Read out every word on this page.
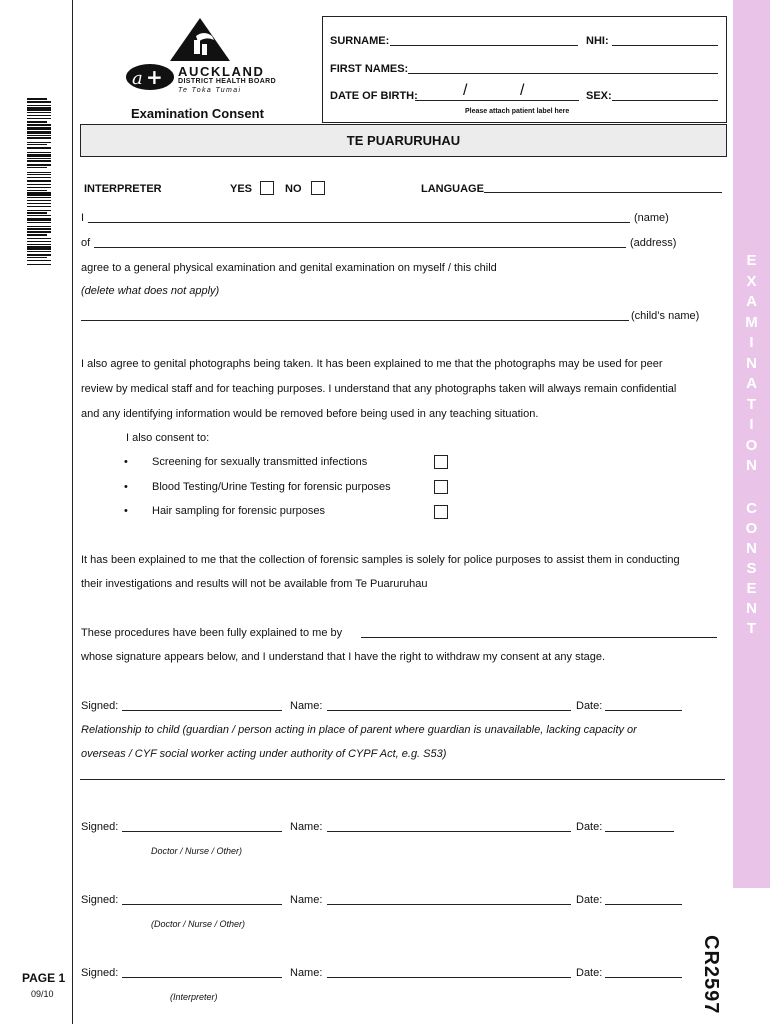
a + AUCKLAND
DISTRICT HEALTH BOARD
Te Toka Tumai
Examination Consent
SURNAME:	NHI:
FIRST NAMES:
DATE OF BIRTH:	/	/	SEX:
Please attach patient label here
TE PUARURUHAU
INTERPRETER	YES	NO	LANGUAGE
I	(name)
of	(address)
agree to a general physical examination and genital examination on myself / this child
(delete what does not apply)
(child’s name)
I also agree to genital photographs being taken. It has been explained to me that the photographs may be used for peer
review by medical staff and for teaching purposes. I understand that any photographs taken will always remain confidential
and any identifying information would be removed before being used in any teaching situation.
I also consent to:
• Screening for sexually transmitted infections
• Blood Testing/Urine Testing for forensic purposes
• Hair sampling for forensic purposes
It has been explained to me that the collection of forensic samples is solely for police purposes to assist them in conducting
their investigations and results will not be available from Te Puaruruhau
These procedures have been fully explained to me by
whose signature appears below, and I understand that I have the right to withdraw my consent at any stage.
Signed:	Name:	Date:
Relationship to child (guardian / person acting in place of parent where guardian is unavailable, lacking capacity or
overseas / CYF social worker acting under authority of CYPF Act, e.g. S53)
Signed:	Name:	Date:
Doctor / Nurse / Other)
Signed:	Name:	Date:
(Doctor / Nurse / Other)
Signed:	Name:	Date:
(Interpreter)
PAGE 1
09/10
E
X
A
M
I
N
A
T
I
O
N
C
O
N
S
E
N
T
CR2597
